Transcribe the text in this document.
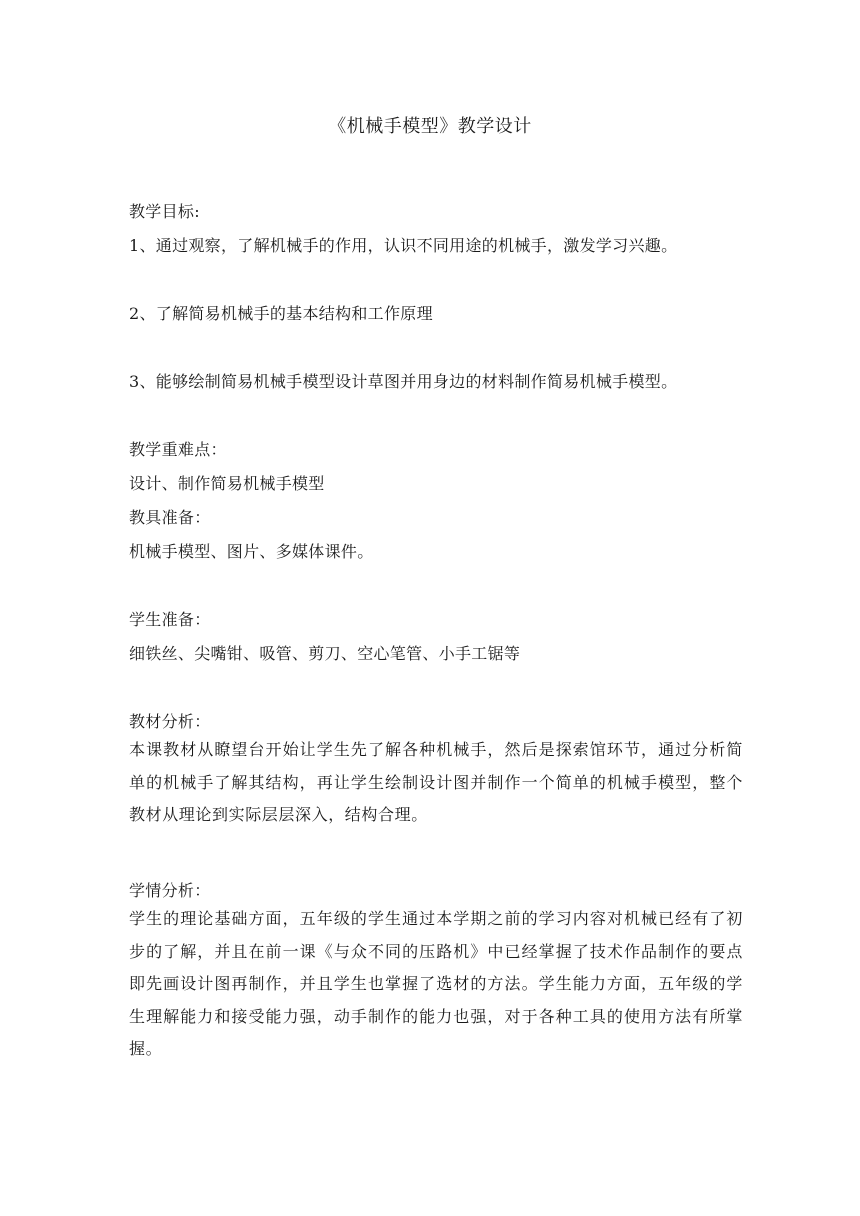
《机械手模型》教学设计
教学目标:
1、通过观察，了解机械手的作用，认识不同用途的机械手，激发学习兴趣。
2、了解简易机械手的基本结构和工作原理
3、能够绘制简易机械手模型设计草图并用身边的材料制作简易机械手模型。
教学重难点：
设计、制作简易机械手模型
教具准备：
机械手模型、图片、多媒体课件。
学生准备：
细铁丝、尖嘴钳、吸管、剪刀、空心笔管、小手工锯等
教材分析：
本课教材从瞭望台开始让学生先了解各种机械手，然后是探索馆环节，通过分析简单的机械手了解其结构，再让学生绘制设计图并制作一个简单的机械手模型，整个教材从理论到实际层层深入，结构合理。
学情分析：
学生的理论基础方面，五年级的学生通过本学期之前的学习内容对机械已经有了初步的了解，并且在前一课《与众不同的压路机》中已经掌握了技术作品制作的要点即先画设计图再制作，并且学生也掌握了选材的方法。学生能力方面，五年级的学生理解能力和接受能力强，动手制作的能力也强，对于各种工具的使用方法有所掌握。
